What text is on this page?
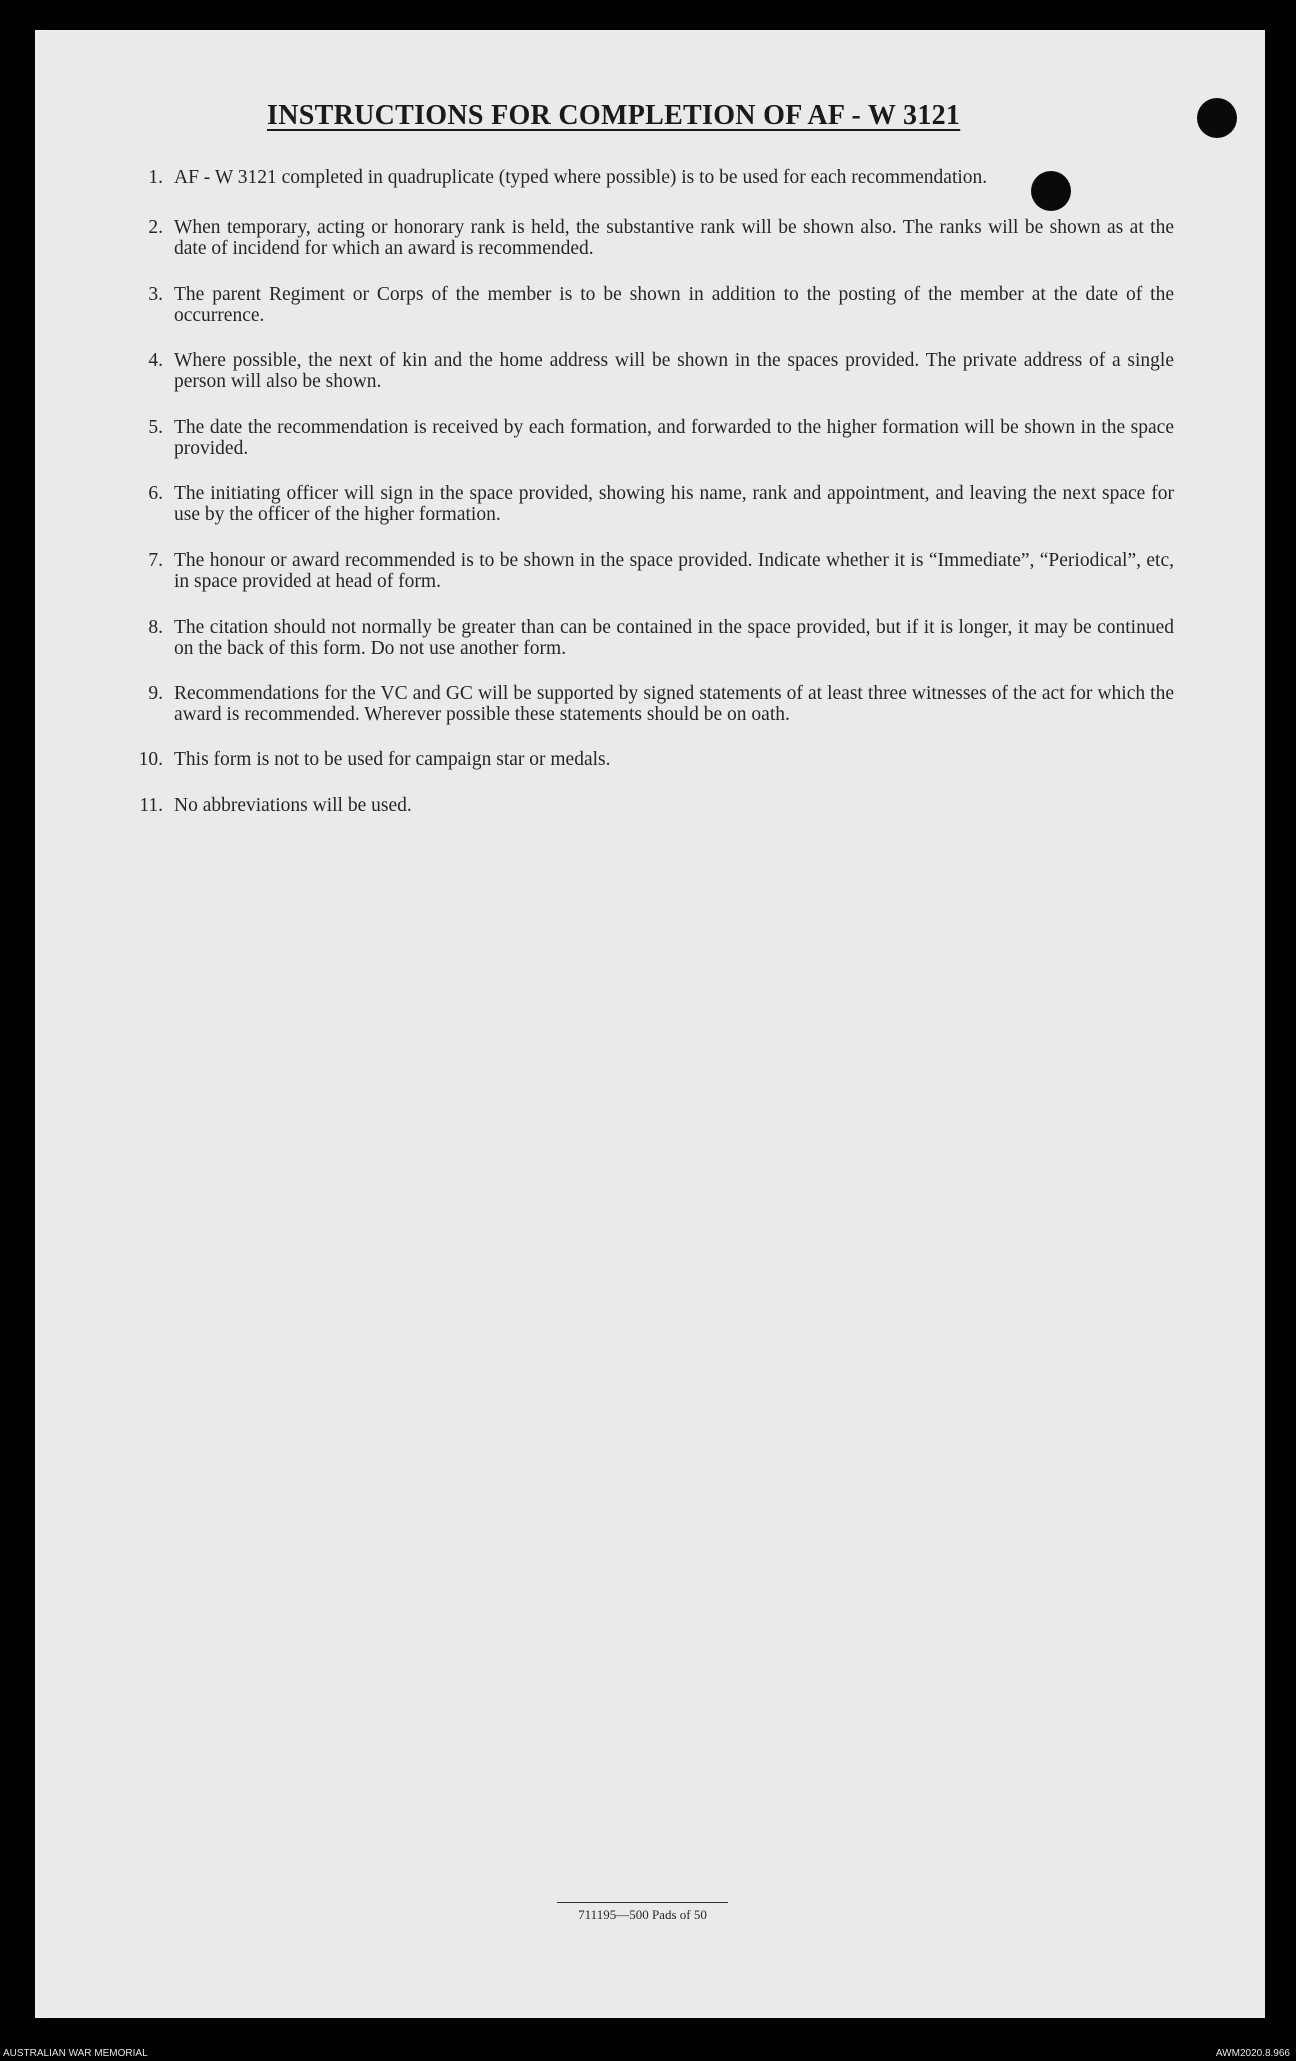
INSTRUCTIONS FOR COMPLETION OF AF - W 3121
1. AF - W 3121 completed in quadruplicate (typed where possible) is to be used for each recommendation.
2. When temporary, acting or honorary rank is held, the substantive rank will be shown also. The ranks will be shown as at the date of incidend for which an award is recommended.
3. The parent Regiment or Corps of the member is to be shown in addition to the posting of the member at the date of the occurrence.
4. Where possible, the next of kin and the home address will be shown in the spaces provided. The private address of a single person will also be shown.
5. The date the recommendation is received by each formation, and forwarded to the higher formation will be shown in the space provided.
6. The initiating officer will sign in the space provided, showing his name, rank and appointment, and leaving the next space for use by the officer of the higher formation.
7. The honour or award recommended is to be shown in the space provided. Indicate whether it is “Immediate”, “Periodical”, etc, in space provided at head of form.
8. The citation should not normally be greater than can be contained in the space provided, but if it is longer, it may be continued on the back of this form. Do not use another form.
9. Recommendations for the VC and GC will be supported by signed statements of at least three witnesses of the act for which the award is recommended. Wherever possible these statements should be on oath.
10. This form is not to be used for campaign star or medals.
11. No abbreviations will be used.
711195—500 Pads of 50
AUSTRALIAN WAR MEMORIAL	AWM2020.8.966
